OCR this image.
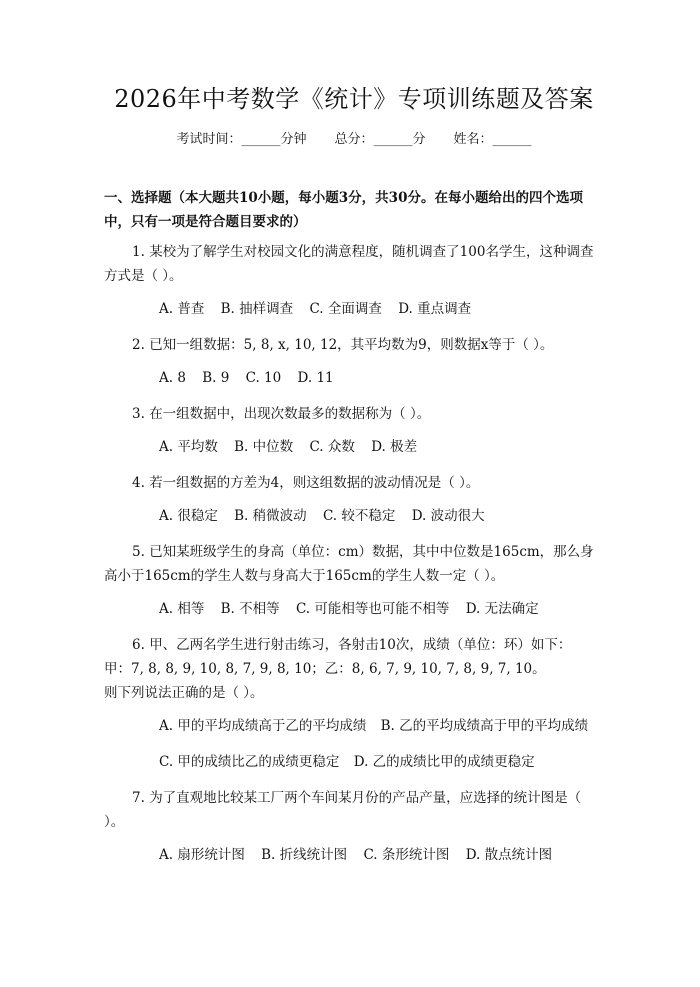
2026年中考数学《统计》专项训练题及答案
考试时间：______分钟 总分：______分 姓名：______
一、选择题（本大题共10小题，每小题3分，共30分。在每小题给出的四个选项中，只有一项是符合题目要求的）
1. 某校为了解学生对校园文化的满意程度，随机调查了100名学生，这种调查方式是（ ）。
A. 普查 B. 抽样调查 C. 全面调查 D. 重点调查
2. 已知一组数据：5, 8, x, 10, 12，其平均数为9，则数据x等于（ ）。
A. 8 B. 9 C. 10 D. 11
3. 在一组数据中，出现次数最多的数据称为（ ）。
A. 平均数 B. 中位数 C. 众数 D. 极差
4. 若一组数据的方差为4，则这组数据的波动情况是（ ）。
A. 很稳定 B. 稍微波动 C. 较不稳定 D. 波动很大
5. 已知某班级学生的身高（单位：cm）数据，其中中位数是165cm，那么身高小于165cm的学生人数与身高大于165cm的学生人数一定（ ）。
A. 相等 B. 不相等 C. 可能相等也可能不相等 D. 无法确定
6. 甲、乙两名学生进行射击练习，各射击10次，成绩（单位：环）如下：
甲：7, 8, 8, 9, 10, 8, 7, 9, 8, 10；乙：8, 6, 7, 9, 10, 7, 8, 9, 7, 10。
则下列说法正确的是（ ）。
A. 甲的平均成绩高于乙的平均成绩 B. 乙的平均成绩高于甲的平均成绩
C. 甲的成绩比乙的成绩更稳定 D. 乙的成绩比甲的成绩更稳定
7. 为了直观地比较某工厂两个车间某月份的产品产量，应选择的统计图是（ ）。
A. 扇形统计图 B. 折线统计图 C. 条形统计图 D. 散点统计图
